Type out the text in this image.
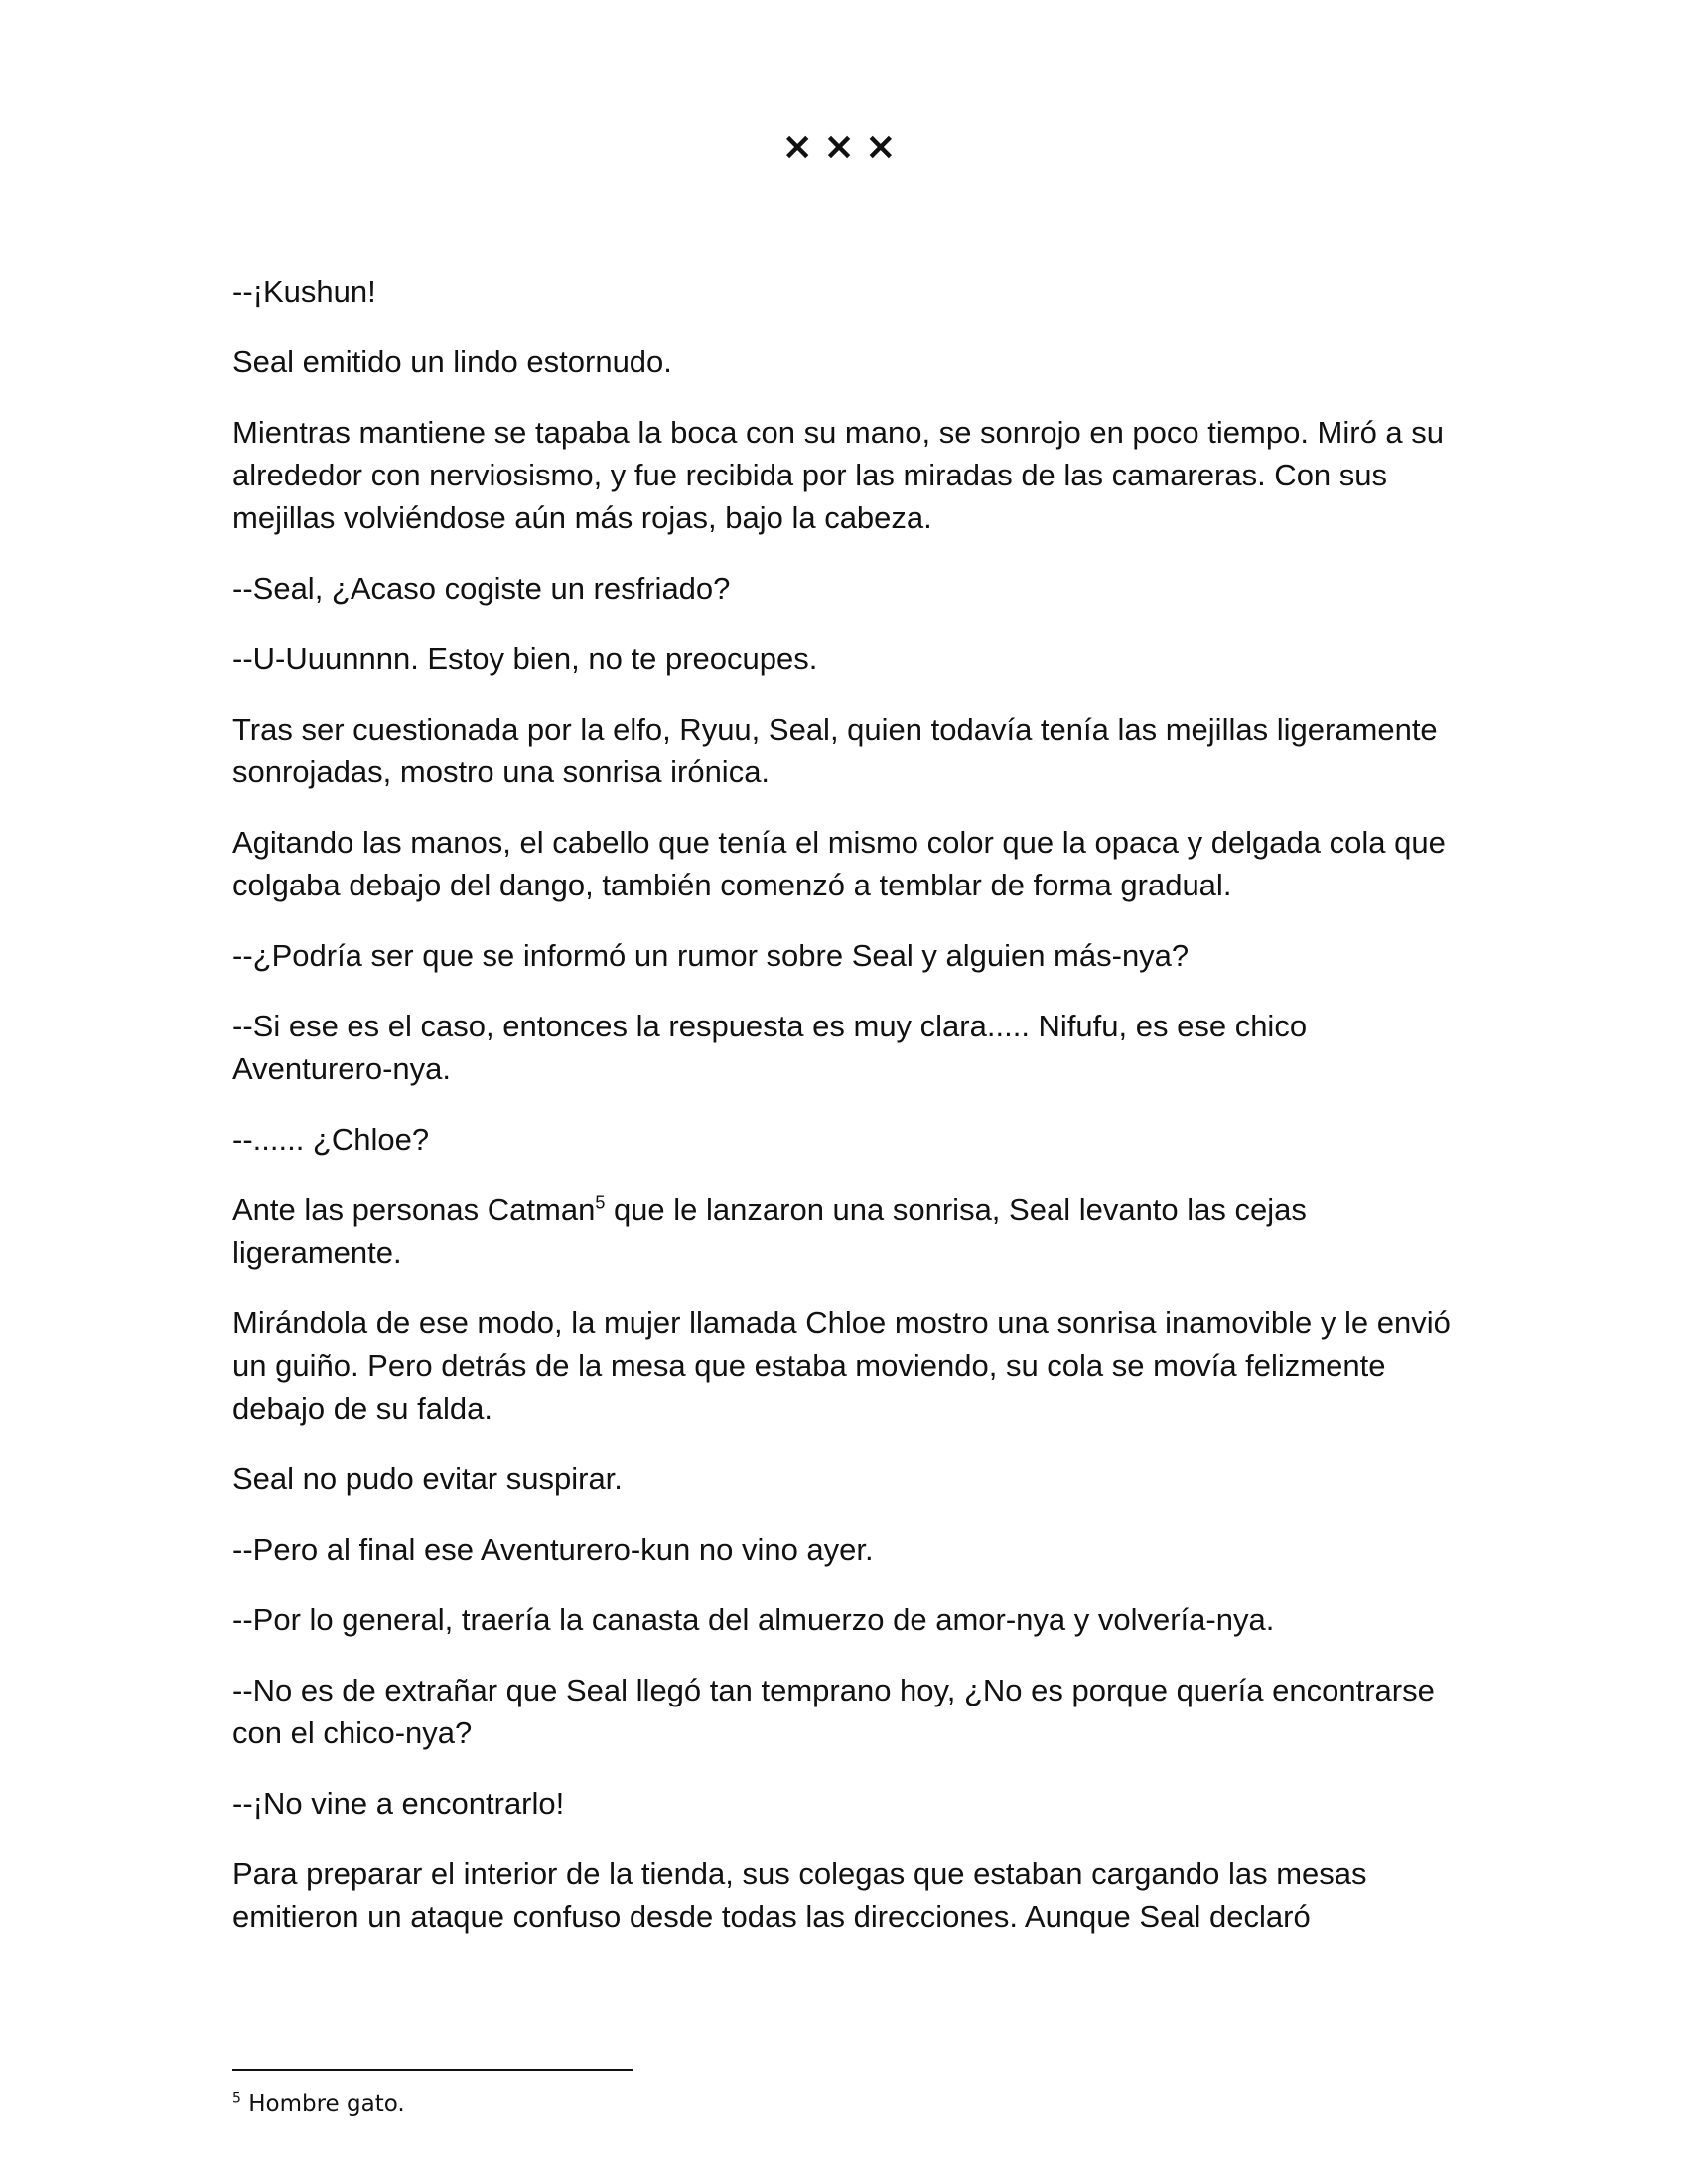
×××

--¡Kushun!

Seal emitido un lindo estornudo.

Mientras mantiene se tapaba la boca con su mano, se sonrojo en poco tiempo. Miró a su alrededor con nerviosismo, y fue recibida por las miradas de las camareras. Con sus mejillas volviéndose aún más rojas, bajo la cabeza.

--Seal, ¿Acaso cogiste un resfriado?

--U-Uuunnnn. Estoy bien, no te preocupes.

Tras ser cuestionada por la elfo, Ryuu, Seal, quien todavía tenía las mejillas ligeramente sonrojadas, mostro una sonrisa irónica.

Agitando las manos, el cabello que tenía el mismo color que la opaca y delgada cola que colgaba debajo del dango, también comenzó a temblar de forma gradual.

--¿Podría ser que se informó un rumor sobre Seal y alguien más-nya?

--Si ese es el caso, entonces la respuesta es muy clara..... Nifufu, es ese chico Aventurero-nya.

--...... ¿Chloe?

Ante las personas Catman$^5$ que le lanzaron una sonrisa, Seal levanto las cejas ligeramente.

Mirándola de ese modo, la mujer llamada Chloe mostro una sonrisa inamovible y le envió un guiño. Pero detrás de la mesa que estaba moviendo, su cola se movía felizmente debajo de su falda.

Seal no pudo evitar suspirar.

--Pero al final ese Aventurero-kun no vino ayer.

--Por lo general, traería la canasta del almuerzo de amor-nya y volvería-nya.

--No es de extrañar que Seal llegó tan temprano hoy, ¿No es porque quería encontrarse con el chico-nya?

--¡No vine a encontrarlo!

Para preparar el interior de la tienda, sus colegas que estaban cargando las mesas emitieron un ataque confuso desde todas las direcciones. Aunque Seal declaró

$^5$ Hombre gato.
